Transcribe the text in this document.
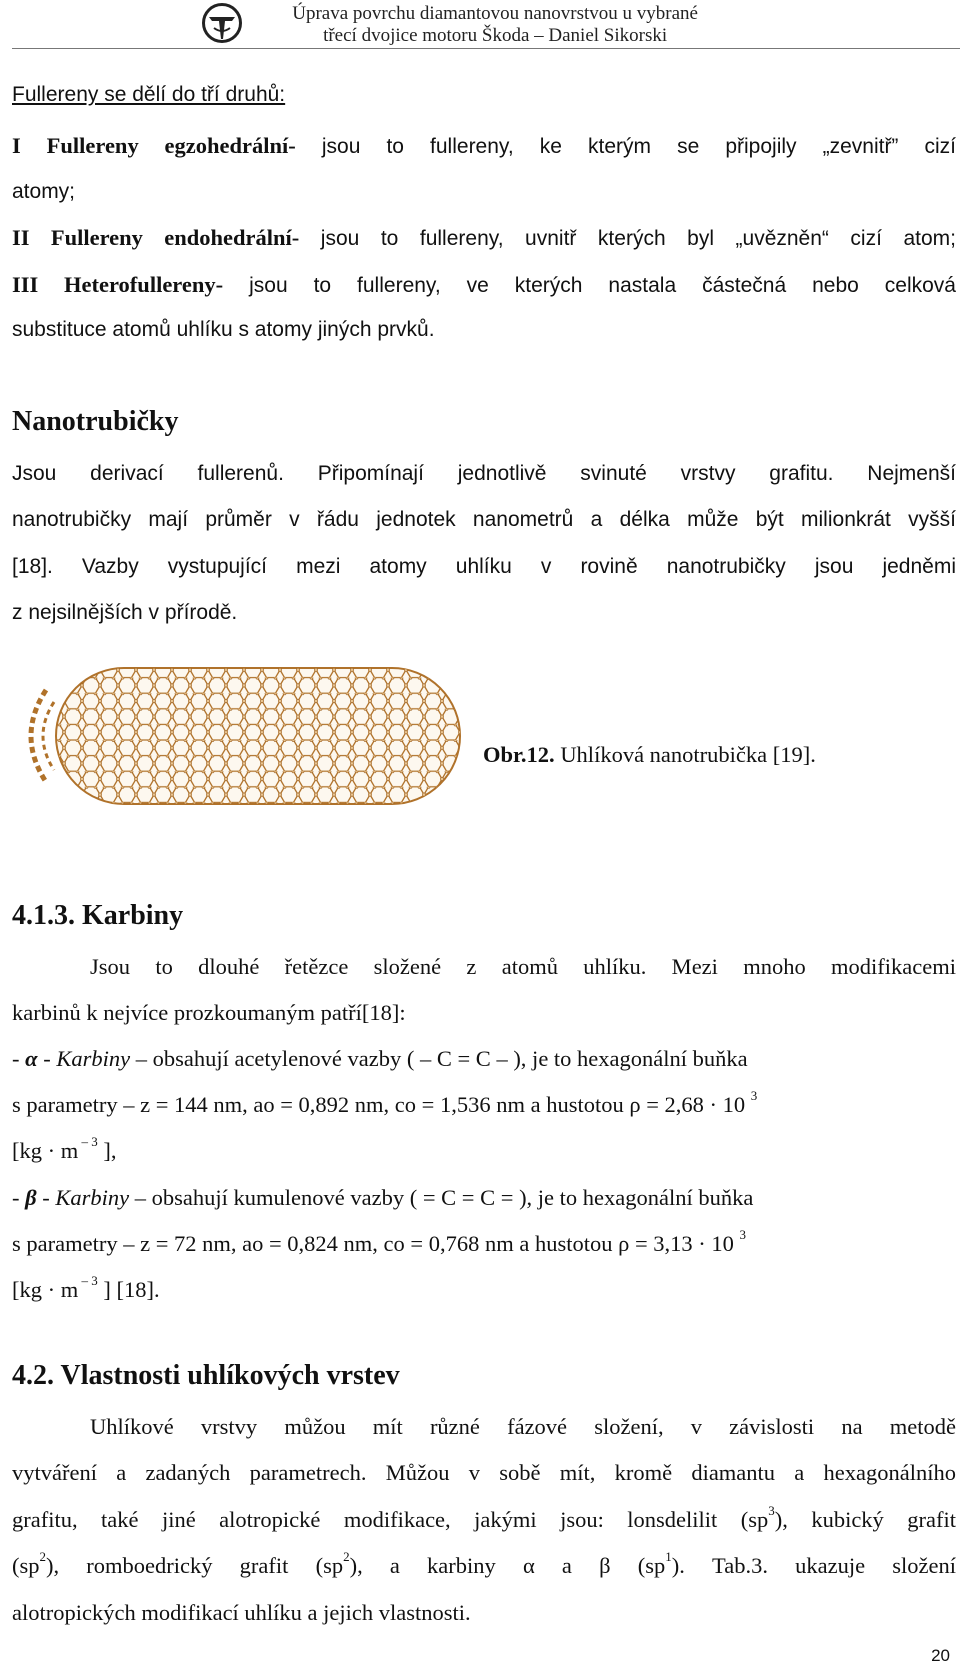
Úprava povrchu diamantovou nanovrstvou u vybrané
třecí dvojice motoru Škoda – Daniel Sikorski
Fullereny se dělí do tří druhů:
I Fullereny egzohedrální- jsou to fullereny, ke kterým se připojily „zevnitř” cizí
atomy;
II Fullereny endohedrální- jsou to fullereny, uvnitř kterých byl „uvězněn“ cizí atom;
III Heterofullereny- jsou to fullereny, ve kterých nastala částečná nebo celková
substituce atomů uhlíku s atomy jiných prvků.
Nanotrubičky
Jsou derivací fullerenů. Připomínají jednotlivě svinuté vrstvy grafitu. Nejmenší
nanotrubičky mají průměr v řádu jednotek nanometrů a délka může být milionkrát vyšší
[18]. Vazby vystupující mezi atomy uhlíku v rovině nanotrubičky jsou jedněmi
z nejsilnějších v přírodě.
Obr.12. Uhlíková nanotrubička [19].
4.1.3. Karbiny
Jsou to dlouhé řetězce složené z atomů uhlíku. Mezi mnoho modifikacemi
karbinů k nejvíce prozkoumaným patří[18]:
- α - Karbiny – obsahují acetylenové vazby ( – C = C – ), je to hexagonální buňka
s parametry – z = 144 nm, ao = 0,892 nm, co = 1,536 nm a hustotou ρ = 2,68 · 10 $^3$
[kg · m $^{- 3}$ ],
- β - Karbiny – obsahují kumulenové vazby ( = C = C = ), je to hexagonální buňka
s parametry – z = 72 nm, ao = 0,824 nm, co = 0,768 nm a hustotou ρ = 3,13 · 10 $^3$
[kg · m $^{- 3}$ ] [18].
4.2. Vlastnosti uhlíkových vrstev
Uhlíkové vrstvy můžou mít různé fázové složení, v závislosti na metodě
vytváření a zadaných parametrech. Můžou v sobě mít, kromě diamantu a hexagonálního
grafitu, také jiné alotropické modifikace, jakými jsou: lonsdelilit $(sp^3)$, kubický grafit
$(sp^2)$, romboedrický grafit $(sp^2)$, a karbiny α a β $(sp^1)$. Tab.3. ukazuje složení
alotropických modifikací uhlíku a jejich vlastnosti.
20
